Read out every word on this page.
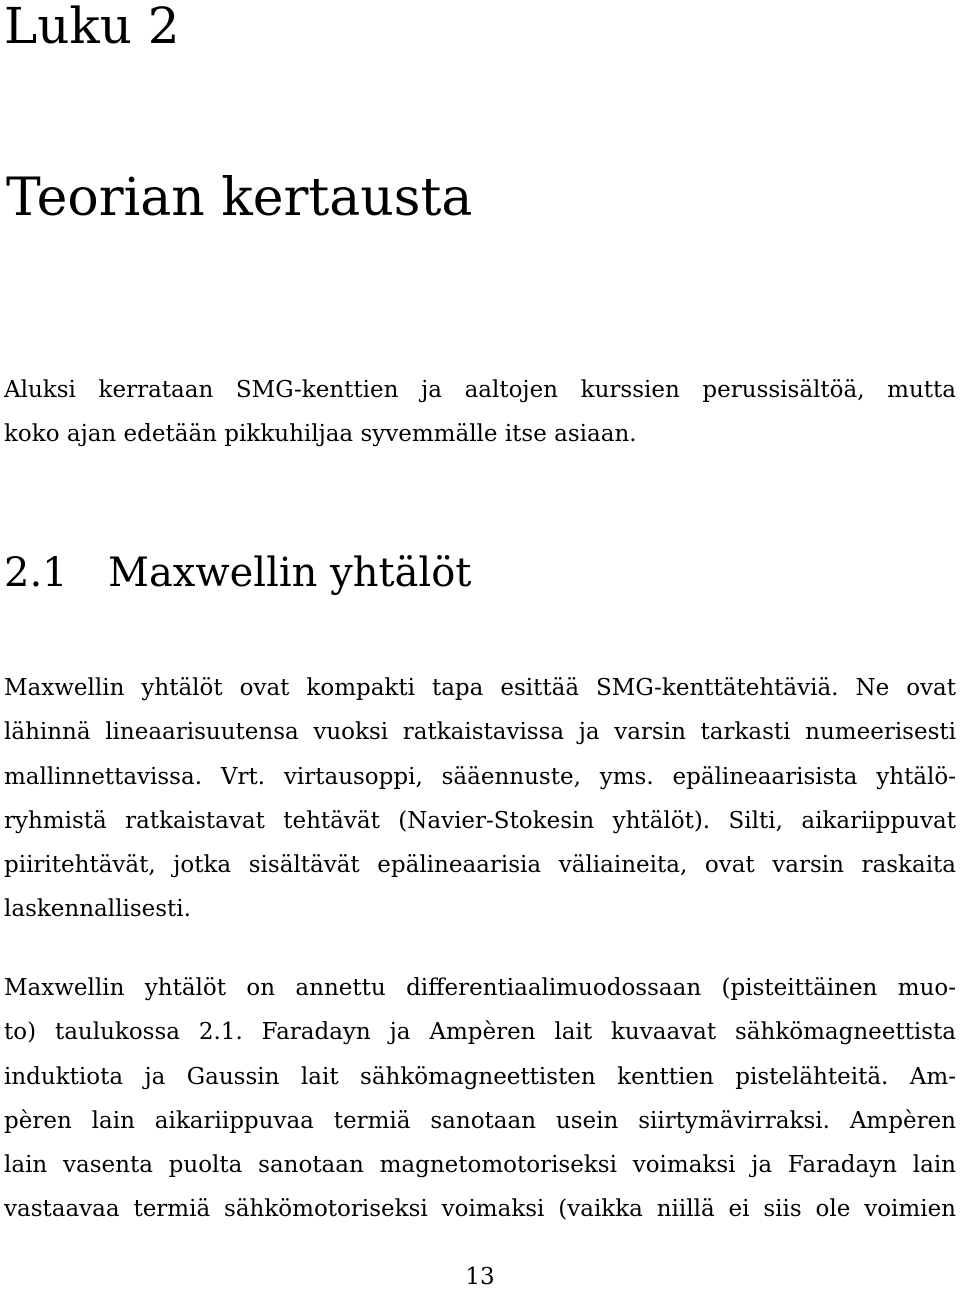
Luku 2
Teorian kertausta
Aluksi kerrataan SMG-kenttien ja aaltojen kurssien perussisältöä, mutta
koko ajan edetään pikkuhiljaa syvemmälle itse asiaan.
2.1 Maxwellin yhtälöt
Maxwellin yhtälöt ovat kompakti tapa esittää SMG-kenttätehtäviä. Ne ovat
lähinnä lineaarisuutensa vuoksi ratkaistavissa ja varsin tarkasti numeerisesti
mallinnettavissa. Vrt. virtausoppi, sääennuste, yms. epälineaarisista yhtälö-
ryhmistä ratkaistavat tehtävät (Navier-Stokesin yhtälöt). Silti, aikariippuvat
piiritehtävät, jotka sisältävät epälineaarisia väliaineita, ovat varsin raskaita
laskennallisesti.
Maxwellin yhtälöt on annettu differentiaalimuodossaan (pisteittäinen muo-
to) taulukossa 2.1. Faradayn ja Ampèren lait kuvaavat sähkömagneettista
induktiota ja Gaussin lait sähkömagneettisten kenttien pistelähteitä. Am-
pèren lain aikariippuvaa termiä sanotaan usein siirtymävirraksi. Ampèren
lain vasenta puolta sanotaan magnetomotoriseksi voimaksi ja Faradayn lain
vastaavaa termiä sähkömotoriseksi voimaksi (vaikka niillä ei siis ole voimien
13
